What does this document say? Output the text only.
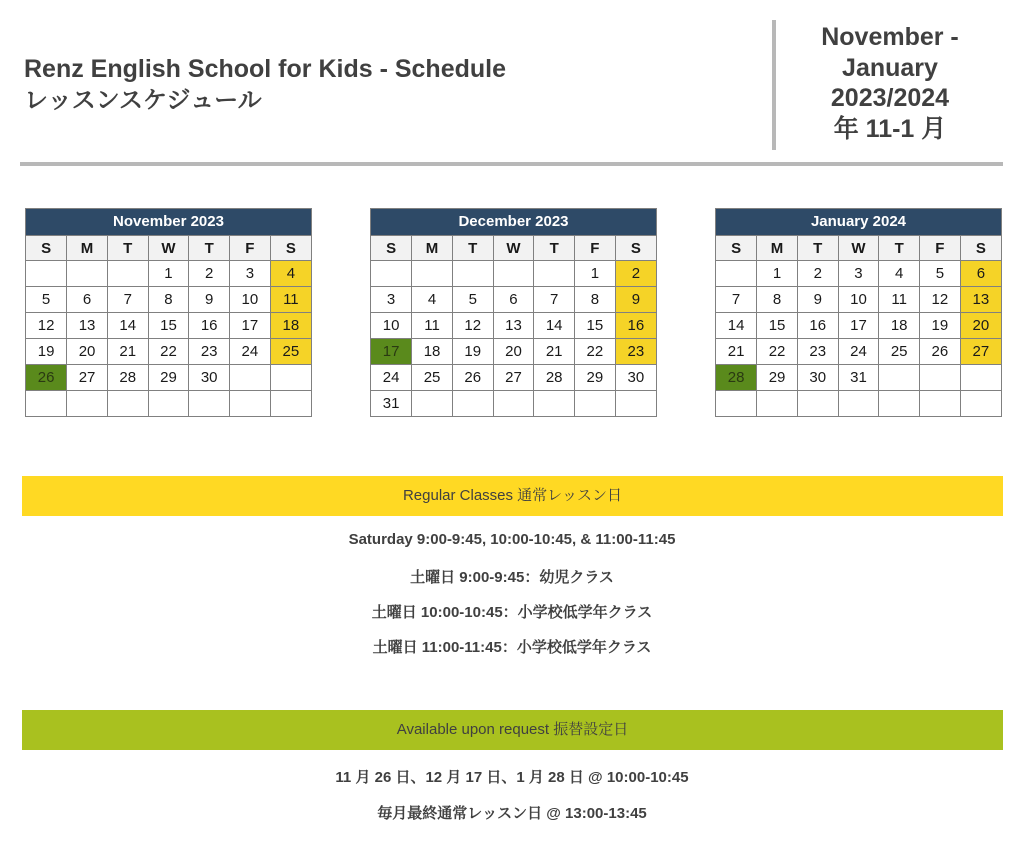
Renz English School for Kids - Schedule
レッスンスケジュール
November -
January
2023/2024
年 11-1 月
November 2023
S	M	T	W	T	F	S
			1	2	3	4
5	6	7	8	9	10	11
12	13	14	15	16	17	18
19	20	21	22	23	24	25
26	27	28	29	30		

December 2023
S	M	T	W	T	F	S
					1	2
3	4	5	6	7	8	9
10	11	12	13	14	15	16
17	18	19	20	21	22	23
24	25	26	27	28	29	30
31						
January 2024
S	M	T	W	T	F	S
	1	2	3	4	5	6
7	8	9	10	11	12	13
14	15	16	17	18	19	20
21	22	23	24	25	26	27
28	29	30	31			

Regular Classes 通常レッスン日
Saturday 9:00-9:45, 10:00-10:45, & 11:00-11:45
土曜日 9:00-9:45：幼児クラス
土曜日 10:00-10:45：小学校低学年クラス
土曜日 11:00-11:45：小学校低学年クラス
Available upon request 振替設定日
11 月 26 日、12 月 17 日、1 月 28 日 @ 10:00-10:45
毎月最終通常レッスン日 @ 13:00-13:45
